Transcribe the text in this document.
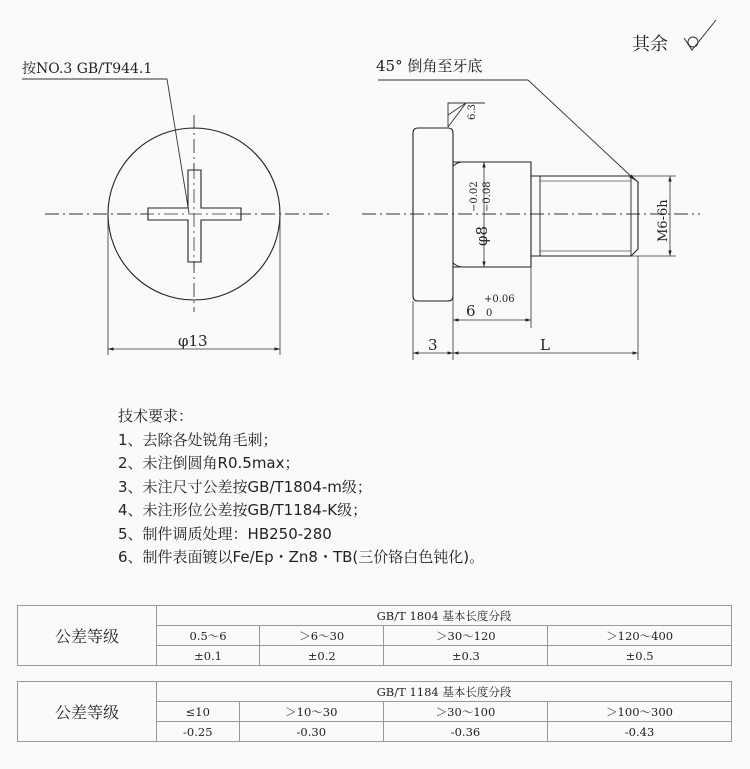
其余
按NO.3 GB/T944.1
φ13
45° 倒角至牙底
6.3
φ8
−0.02 −0.08
M6-6h
6
+0.06
0
3	L
技术要求：
1、去除各处锐角毛刺；
2、未注倒圆角R0.5max；
3、未注尺寸公差按GB/T1804-m级；
4、未注形位公差按GB/T1184-K级；
5、制件调质处理：HB250-280
6、制件表面镀以Fe/Ep・Zn8・TB(三价铬白色钝化)。
公差等级	GB/T 1804 基本长度分段			
	0.5～6	＞6～30	＞30～120	＞120～400
	±0.1	±0.2	±0.3	±0.5
公差等级	GB/T 1184 基本长度分段			
	≤10	＞10～30	＞30～100	＞100～300
	-0.25	-0.30	-0.36	-0.43
